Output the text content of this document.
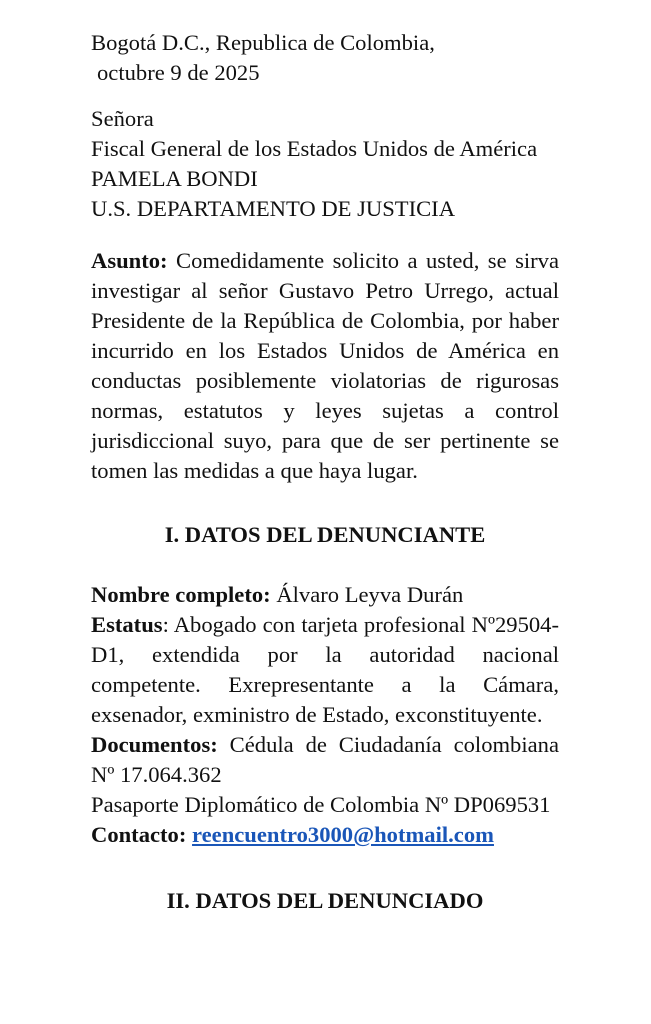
Bogotá D.C., Republica de Colombia,
octubre 9 de 2025
Señora
Fiscal General de los Estados Unidos de América
PAMELA BONDI
U.S. DEPARTAMENTO DE JUSTICIA

Asunto: Comedidamente solicito a usted, se sirva investigar al señor Gustavo Petro Urrego, actual Presidente de la República de Colombia, por haber incurrido en los Estados Unidos de América en conductas posiblemente violatorias de rigurosas normas, estatutos y leyes sujetas a control jurisdiccional suyo, para que de ser pertinente se tomen las medidas a que haya lugar.

I. DATOS DEL DENUNCIANTE
Nombre completo: Álvaro Leyva Durán
Estatus: Abogado con tarjeta profesional Nº29504-D1, extendida por la autoridad nacional competente. Exrepresentante a la Cámara, exsenador, exministro de Estado, exconstituyente.
Documentos: Cédula de Ciudadanía colombiana Nº 17.064.362
Pasaporte Diplomático de Colombia Nº DP069531
Contacto: reencuentro3000@hotmail.com
II. DATOS DEL DENUNCIADO
